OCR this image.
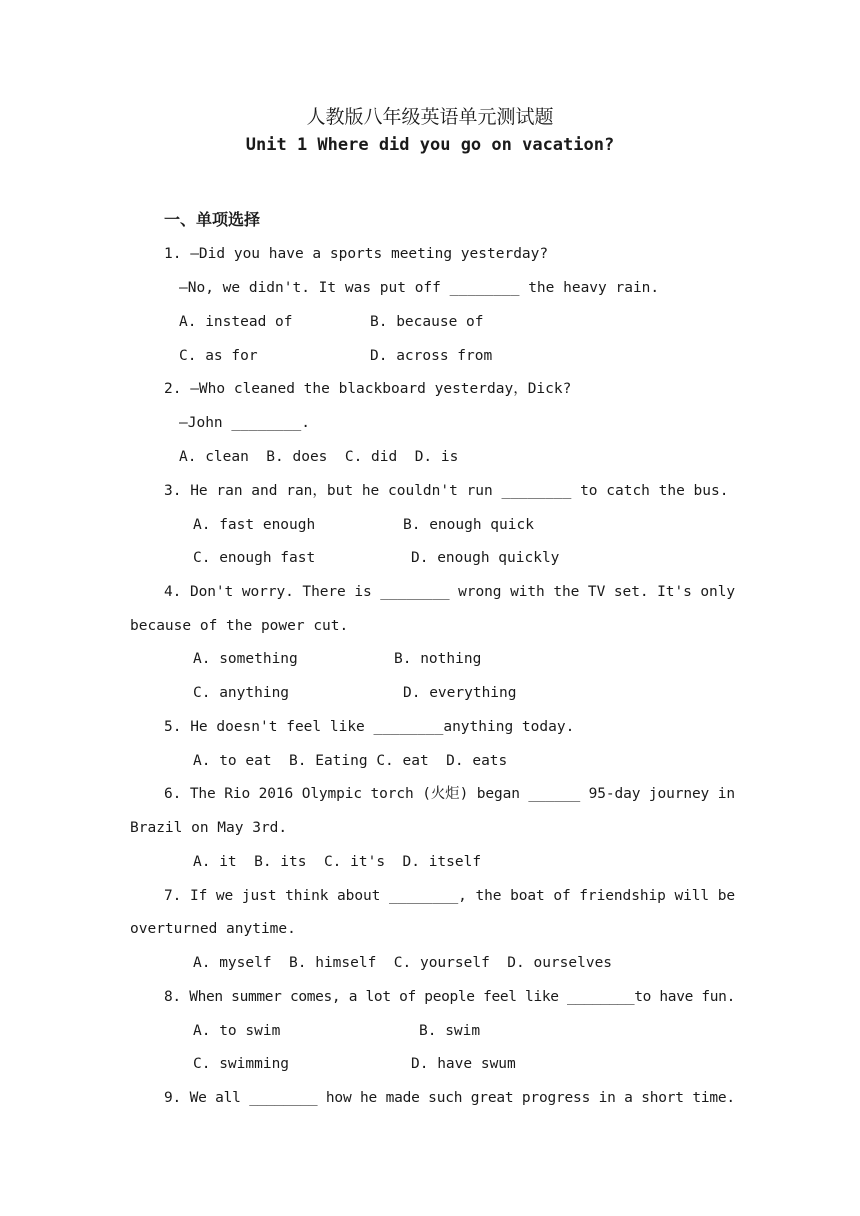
人教版八年级英语单元测试题
Unit 1 Where did you go on vacation?
一、单项选择
1. —Did you have a sports meeting yesterday?
—No, we didn't. It was put off ________ the heavy rain.
A. instead of	B. because of
C. as for	D. across from
2. —Who cleaned the blackboard yesterday，Dick?
—John ________.
A. clean  B. does  C. did  D. is
3. He ran and ran，but he couldn't run ________ to catch the bus.
A. fast enough	B. enough quick
C. enough fast	D. enough quickly
4. Don't worry. There is ________ wrong with the TV set. It's only
because of the power cut.
A. something	B. nothing
C. anything	D. everything
5. He doesn't feel like ________anything today.
A. to eat  B. Eating C. eat  D. eats
6. The Rio 2016 Olympic torch (火炬) began ______ 95-day journey in
Brazil on May 3rd.
A. it  B. its  C. it's  D. itself
7. If we just think about ________, the boat of friendship will be
overturned anytime.
A. myself  B. himself  C. yourself  D. ourselves
8. When summer comes, a lot of people feel like ________to have fun.
A. to swim	B. swim
C. swimming	D. have swum
9. We all ________ how he made such great progress in a short time.
